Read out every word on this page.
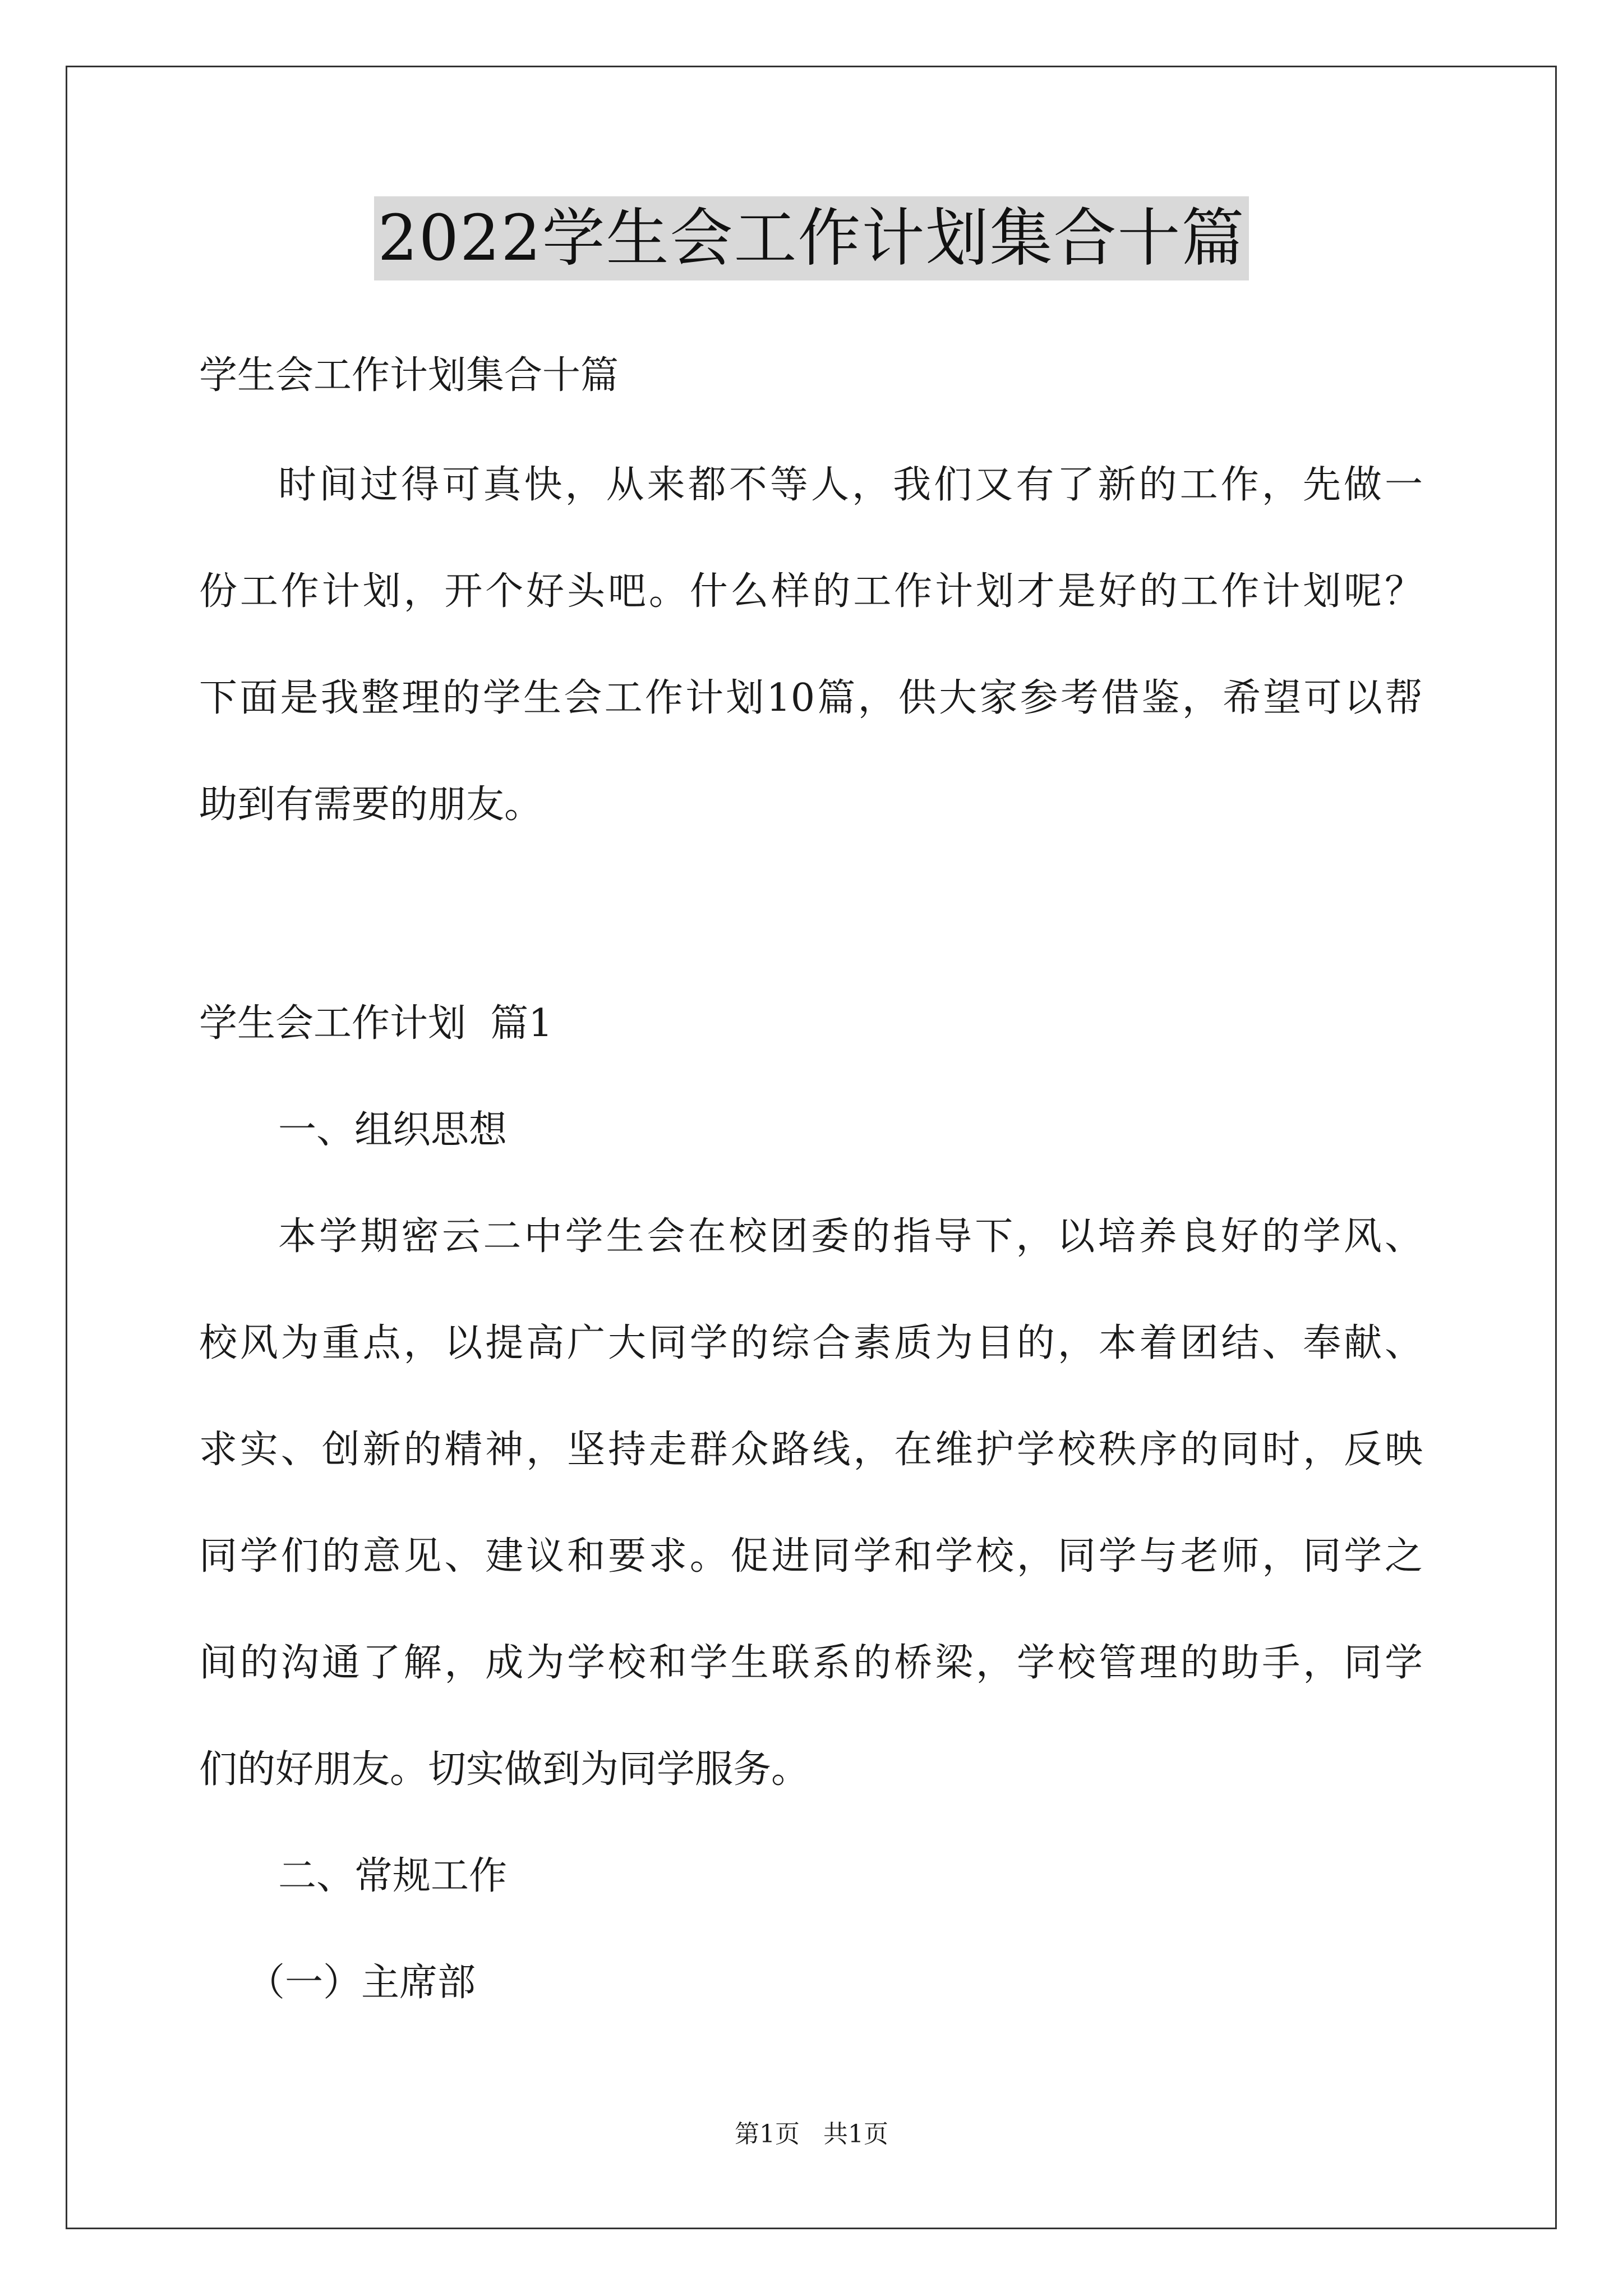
2022学生会工作计划集合十篇
学生会工作计划集合十篇
时间过得可真快，从来都不等人，我们又有了新的工作，先做一
份工作计划，开个好头吧。什么样的工作计划才是好的工作计划呢？
下面是我整理的学生会工作计划10篇，供大家参考借鉴，希望可以帮
助到有需要的朋友。
学生会工作计划  篇1
一、组织思想
本学期密云二中学生会在校团委的指导下，以培养良好的学风、
校风为重点，以提高广大同学的综合素质为目的，本着团结、奉献、
求实、创新的精神，坚持走群众路线，在维护学校秩序的同时，反映
同学们的意见、建议和要求。促进同学和学校，同学与老师，同学之
间的沟通了解，成为学校和学生联系的桥梁，学校管理的助手，同学
们的好朋友。切实做到为同学服务。
二、常规工作
（一）主席部
第1页   共1页
